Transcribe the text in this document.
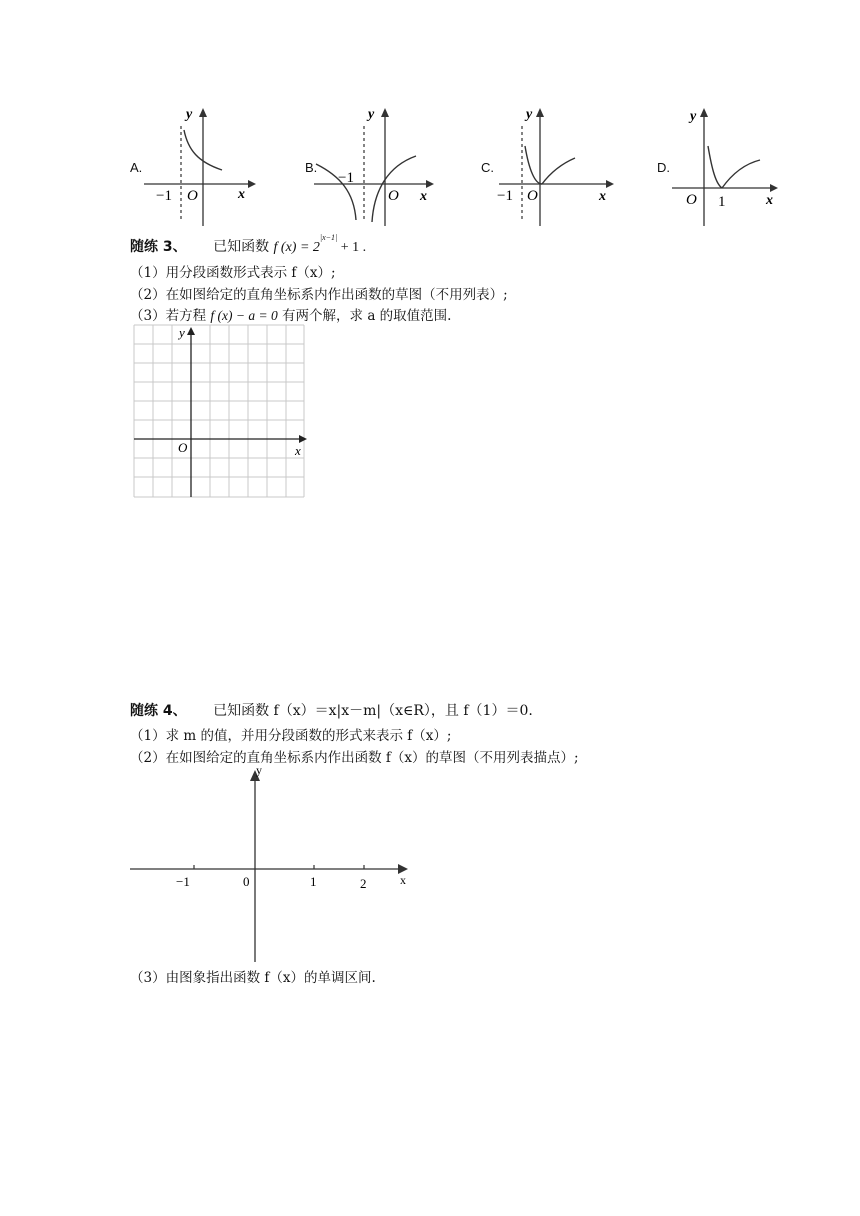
A.
y
x
−1 O
B.
y
x
−1
O
C.
y
x
−1 O
D.
y
x
O 1
随练 3、 已知函数 f $(x) = 2^{|x-1|} + 1$ .
（1）用分段函数形式表示 f（x）;
（2）在如图给定的直角坐标系内作出函数的草图（不用列表）;
（3）若方程 f (x) − a = 0 有两个解，求 a 的取值范围.
y
x
O
随练 4、 已知函数 f（x）＝x|x－m|（x∈R），且 f（1）＝0.
（1）求 m 的值，并用分段函数的形式来表示 f（x）;
（2）在如图给定的直角坐标系内作出函数 f（x）的草图（不用列表描点）;
y
x
−1	0	1	2
（3）由图象指出函数 f（x）的单调区间.
